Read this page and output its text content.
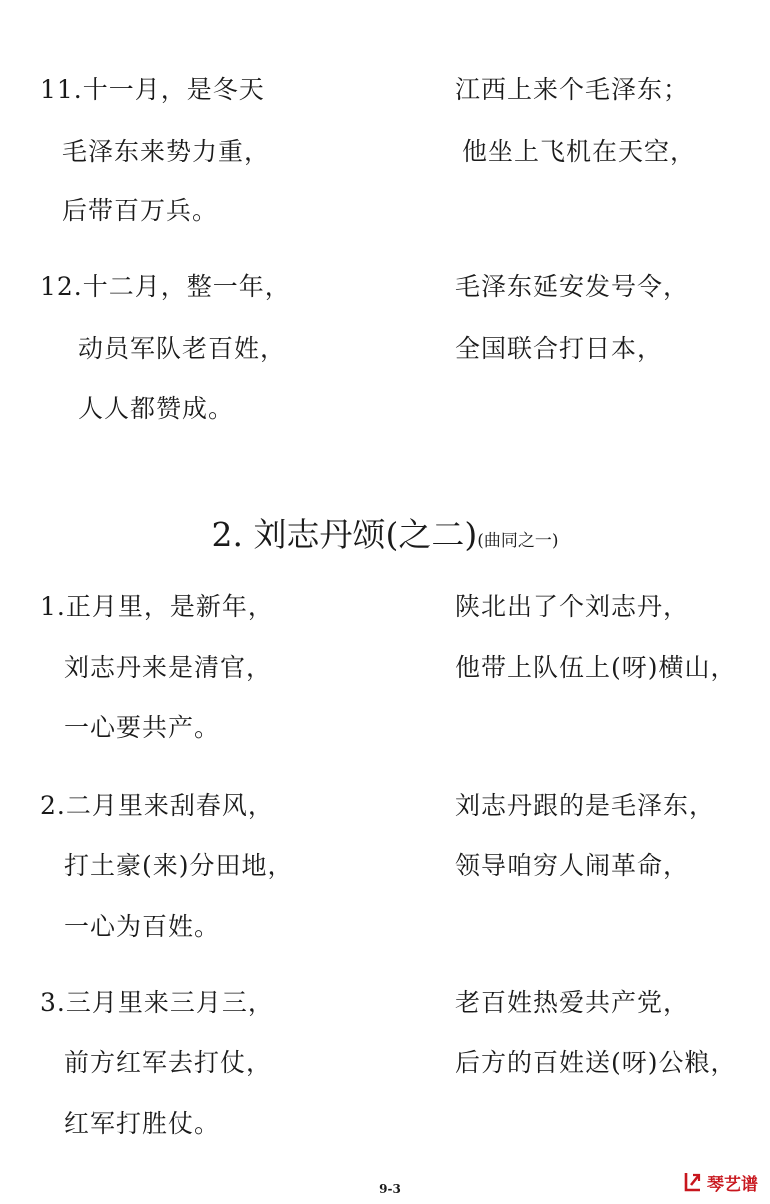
11.十一月，是冬天
毛泽东来势力重，
后带百万兵。
江西上来个毛泽东；
他坐上飞机在天空，
12.十二月，整一年，
动员军队老百姓，
人人都赞成。
毛泽东延安发号令，
全国联合打日本，
2. 刘志丹颂(之二)(曲同之一)
1.正月里，是新年，
刘志丹来是清官，
一心要共产。
陕北出了个刘志丹，
他带上队伍上(呀)横山，
2.二月里来刮春风，
打土豪(来)分田地，
一心为百姓。
刘志丹跟的是毛泽东，
领导咱穷人闹革命，
3.三月里来三月三，
前方红军去打仗，
红军打胜仗。
老百姓热爱共产党，
后方的百姓送(呀)公粮，
9-3	琴艺谱
